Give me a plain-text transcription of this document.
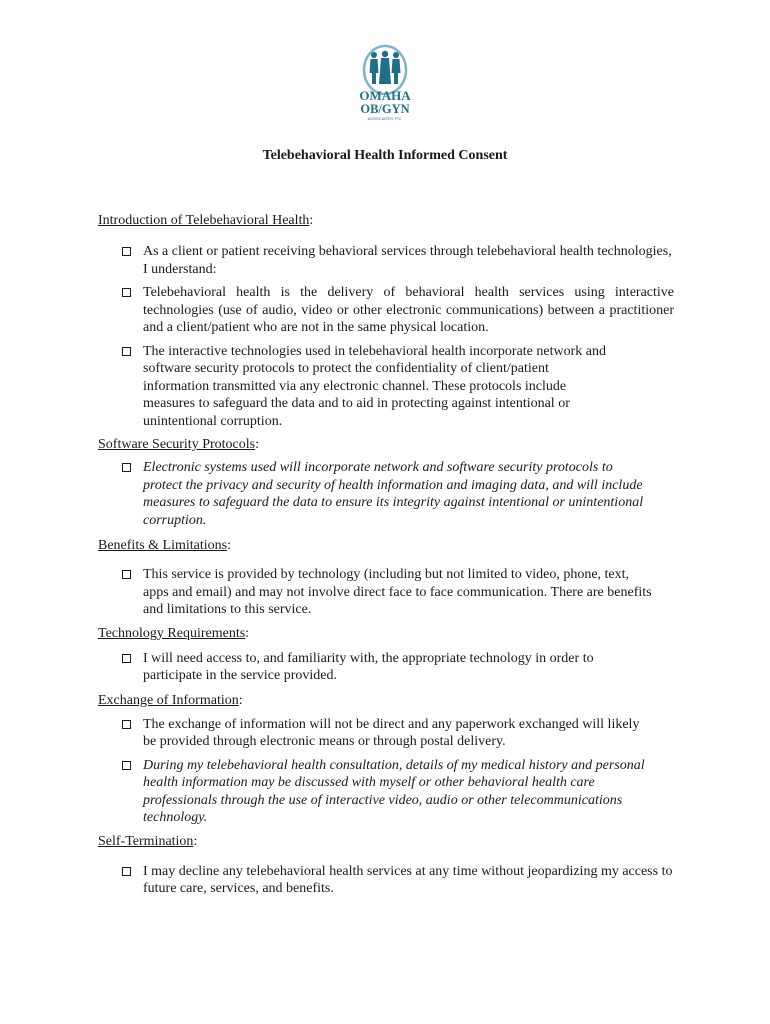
OMAHA
OB/GYN
ASSOCIATES, P.C.
Telebehavioral Health Informed Consent

Introduction of Telebehavioral Health:

As a client or patient receiving behavioral services through telebehavioral health technologies, I understand:
Telebehavioral health is the delivery of behavioral health services using interactive technologies (use of audio, video or other electronic communications) between a practitioner and a client/patient who are not in the same physical location.
The interactive technologies used in telebehavioral health incorporate network and software security protocols to protect the confidentiality of client/patient information transmitted via any electronic channel. These protocols include measures to safeguard the data and to aid in protecting against intentional or unintentional corruption.

Software Security Protocols:

Electronic systems used will incorporate network and software security protocols to protect the privacy and security of health information and imaging data, and will include measures to safeguard the data to ensure its integrity against intentional or unintentional corruption.

Benefits & Limitations:

This service is provided by technology (including but not limited to video, phone, text, apps and email) and may not involve direct face to face communication. There are benefits and limitations to this service.

Technology Requirements:

I will need access to, and familiarity with, the appropriate technology in order to participate in the service provided.

Exchange of Information:

The exchange of information will not be direct and any paperwork exchanged will likely be provided through electronic means or through postal delivery.
During my telebehavioral health consultation, details of my medical history and personal health information may be discussed with myself or other behavioral health care professionals through the use of interactive video, audio or other telecommunications technology.

Self-Termination:

I may decline any telebehavioral health services at any time without jeopardizing my access to future care, services, and benefits.
